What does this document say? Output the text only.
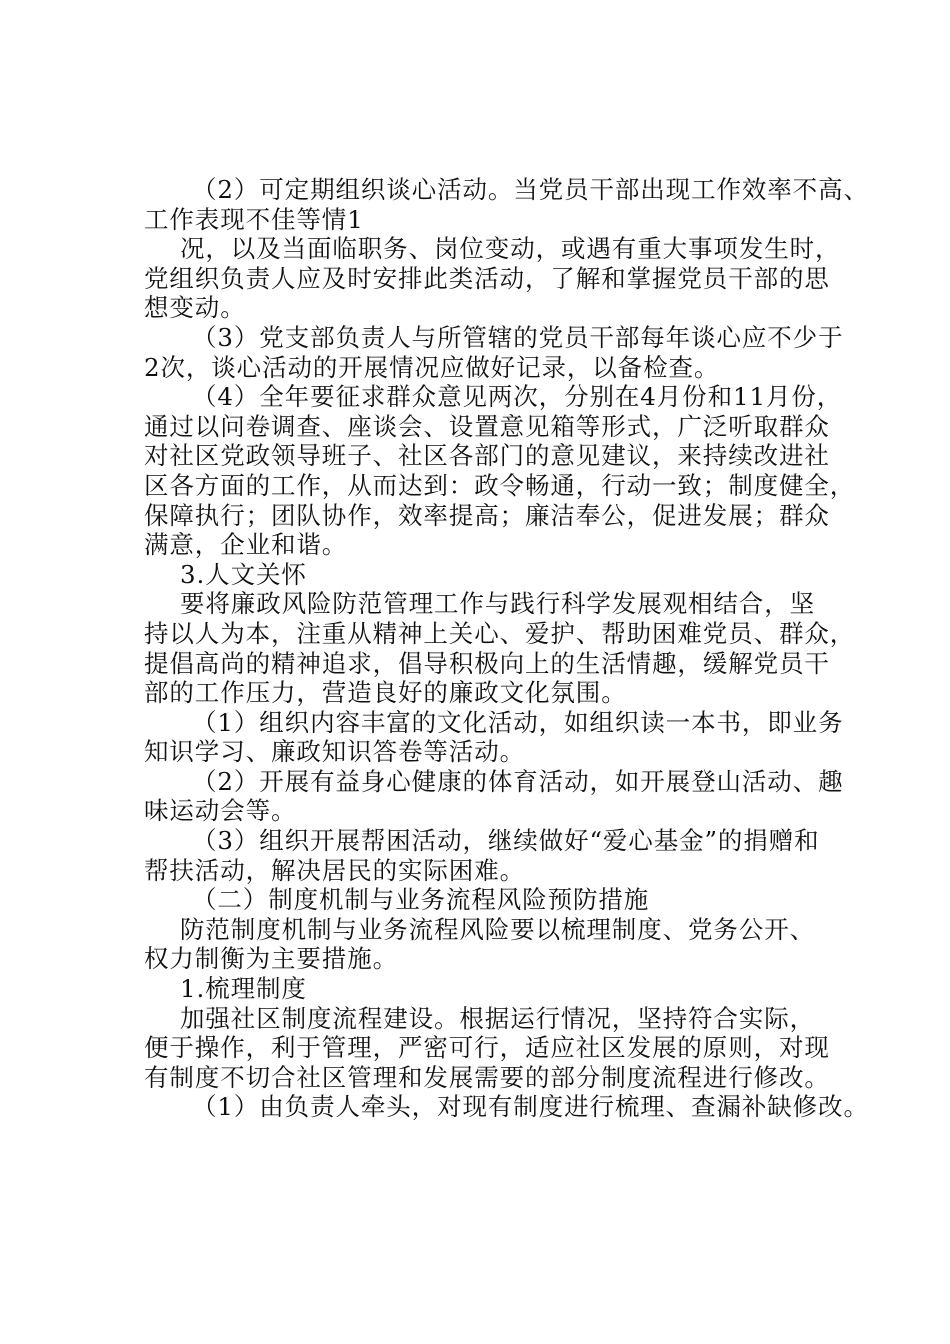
（2）可定期组织谈心活动。当党员干部出现工作效率不高、
工作表现不佳等情1
况，以及当面临职务、岗位变动，或遇有重大事项发生时，
党组织负责人应及时安排此类活动，了解和掌握党员干部的思
想变动。
（3）党支部负责人与所管辖的党员干部每年谈心应不少于
2次，谈心活动的开展情况应做好记录，以备检查。
（4）全年要征求群众意见两次，分别在4月份和11月份，
通过以问卷调查、座谈会、设置意见箱等形式，广泛听取群众
对社区党政领导班子、社区各部门的意见建议，来持续改进社
区各方面的工作，从而达到：政令畅通，行动一致；制度健全，
保障执行；团队协作，效率提高；廉洁奉公，促进发展；群众
满意，企业和谐。
3.人文关怀
要将廉政风险防范管理工作与践行科学发展观相结合，坚
持以人为本，注重从精神上关心、爱护、帮助困难党员、群众，
提倡高尚的精神追求，倡导积极向上的生活情趣，缓解党员干
部的工作压力，营造良好的廉政文化氛围。
（1）组织内容丰富的文化活动，如组织读一本书，即业务
知识学习、廉政知识答卷等活动。
（2）开展有益身心健康的体育活动，如开展登山活动、趣
味运动会等。
（3）组织开展帮困活动，继续做好“爱心基金”的捐赠和
帮扶活动，解决居民的实际困难。
（二）制度机制与业务流程风险预防措施
防范制度机制与业务流程风险要以梳理制度、党务公开、
权力制衡为主要措施。
1.梳理制度
加强社区制度流程建设。根据运行情况，坚持符合实际，
便于操作，利于管理，严密可行，适应社区发展的原则，对现
有制度不切合社区管理和发展需要的部分制度流程进行修改。
（1）由负责人牵头，对现有制度进行梳理、查漏补缺修改。
